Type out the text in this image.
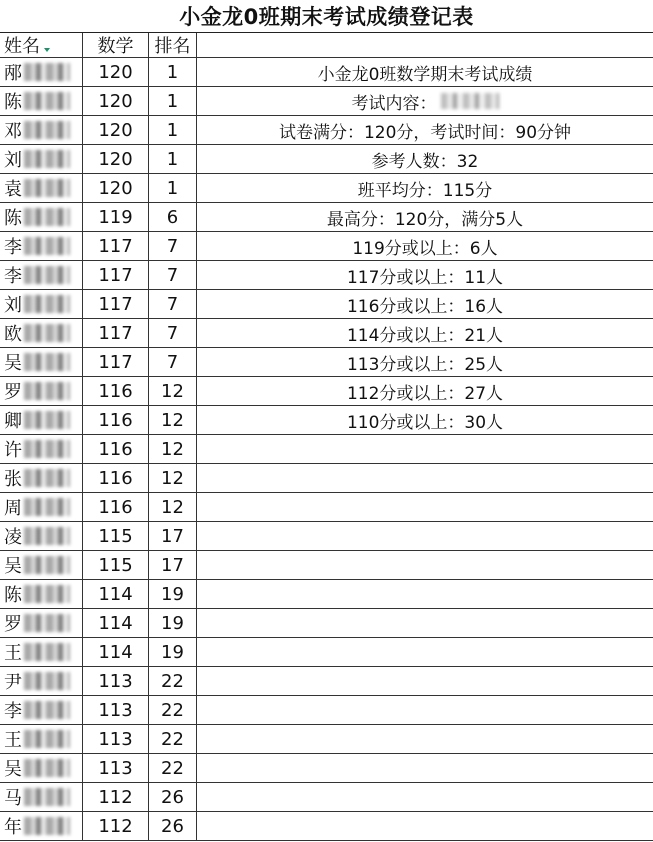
小金龙0班期末考试成绩登记表
姓名	数学	排名
邴	120	1	小金龙0班数学期末考试成绩
陈	120	1	考试内容：
邓	120	1	试卷满分：120分，考试时间：90分钟
刘	120	1	参考人数：32
袁	120	1	班平均分：115分
陈	119	6	最高分：120分，满分5人
李	117	7	119分或以上：6人
李	117	7	117分或以上：11人
刘	117	7	116分或以上：16人
欧	117	7	114分或以上：21人
吴	117	7	113分或以上：25人
罗	116	12	112分或以上：27人
卿	116	12	110分或以上：30人
许	116	12
张	116	12
周	116	12
凌	115	17
吴	115	17
陈	114	19
罗	114	19
王	114	19
尹	113	22
李	113	22
王	113	22
吴	113	22
马	112	26
年	112	26
